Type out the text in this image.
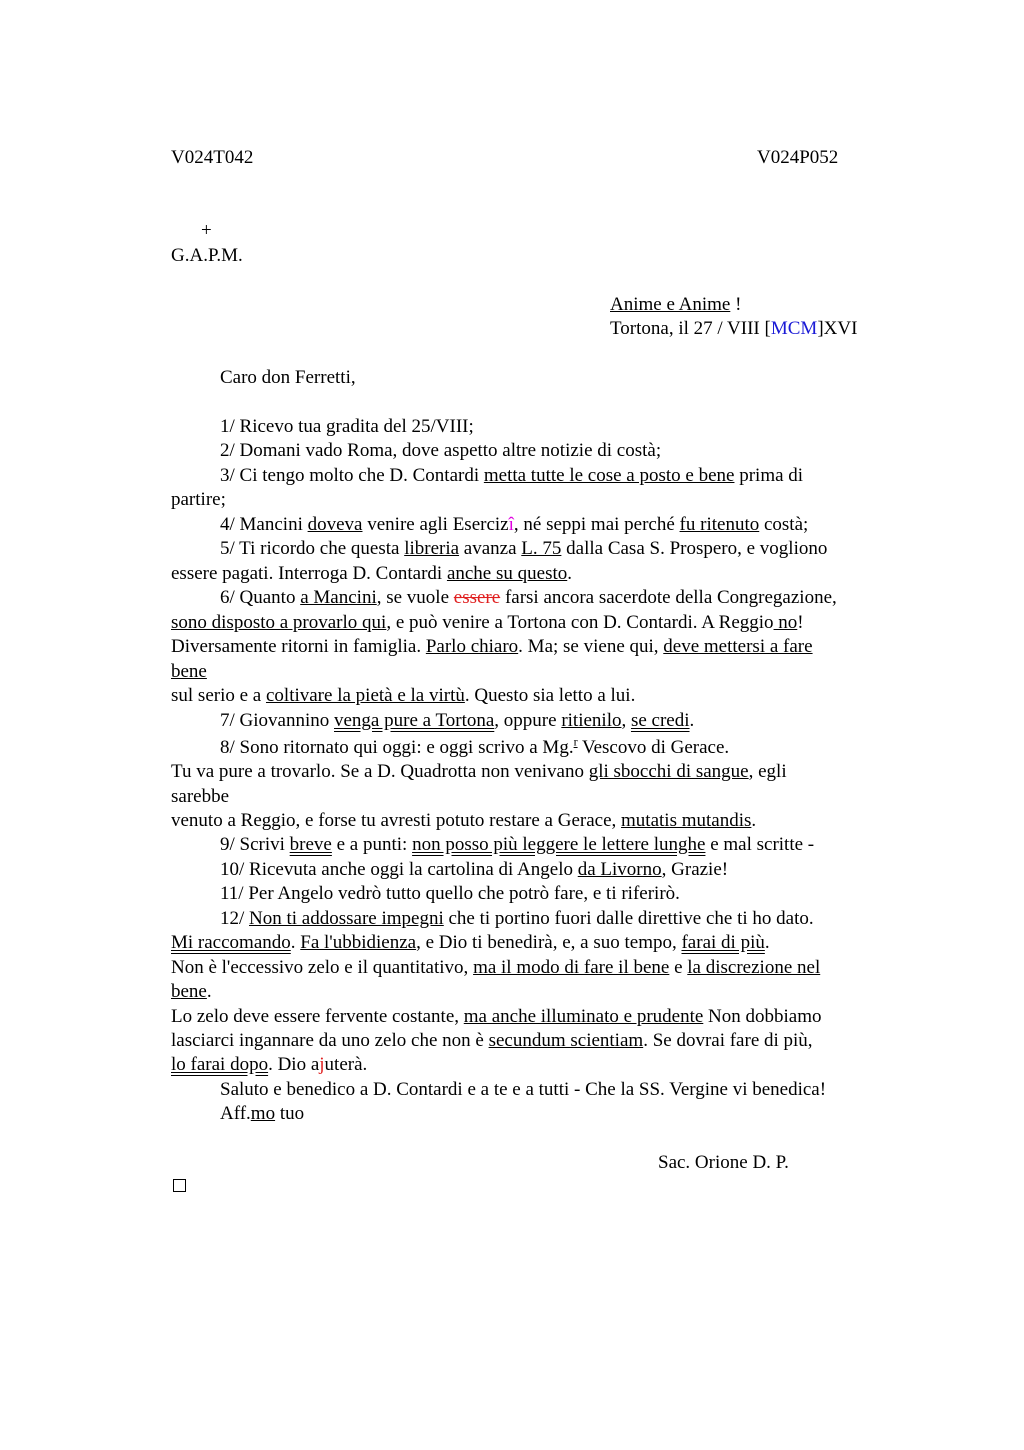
V024T042	V024P052
+
G.A.P.M.
Anime e Anime !
Tortona, il 27 / VIII [MCM]XVI
Caro don Ferretti,
1/ Ricevo tua gradita del 25/VIII;
2/ Domani vado Roma, dove aspetto altre notizie di costà;
3/ Ci tengo molto che D. Contardi metta tutte le cose a posto e bene prima di
partire;
4/ Mancini doveva venire agli Esercizî, né seppi mai perché fu ritenuto costà;
5/ Ti ricordo che questa libreria avanza L. 75 dalla Casa S. Prospero, e vogliono
essere pagati. Interroga D. Contardi anche su questo.
6/ Quanto a Mancini, se vuole essere farsi ancora sacerdote della Congregazione,
sono disposto a provarlo qui, e può venire a Tortona con D. Contardi. A Reggio no!
Diversamente ritorni in famiglia. Parlo chiaro. Ma; se viene qui, deve mettersi a fare
bene
sul serio e a coltivare la pietà e la virtù. Questo sia letto a lui.
7/ Giovannino venga pure a Tortona, oppure ritienilo, se credi.
8/ Sono ritornato qui oggi: e oggi scrivo a Mg.$^r$ Vescovo di Gerace.
Tu va pure a trovarlo. Se a D. Quadrotta non venivano gli sbocchi di sangue, egli
sarebbe
venuto a Reggio, e forse tu avresti potuto restare a Gerace, mutatis mutandis.
9/ Scrivi breve e a punti: non posso più leggere le lettere lunghe e mal scritte -
10/ Ricevuta anche oggi la cartolina di Angelo da Livorno, Grazie!
11/ Per Angelo vedrò tutto quello che potrò fare, e ti riferirò.
12/ Non ti addossare impegni che ti portino fuori dalle direttive che ti ho dato.
Mi raccomando. Fa l'ubbidienza, e Dio ti benedirà, e, a suo tempo, farai di più.
Non è l'eccessivo zelo e il quantitativo, ma il modo di fare il bene e la discrezione nel
bene.
Lo zelo deve essere fervente costante, ma anche illuminato e prudente Non dobbiamo
lasciarci ingannare da uno zelo che non è secundum scientiam. Se dovrai fare di più,
lo farai dopo. Dio ajuterà.
Saluto e benedico a D. Contardi e a te e a tutti - Che la SS. Vergine vi benedica!
Aff.mo tuo
Sac. Orione D. P.
